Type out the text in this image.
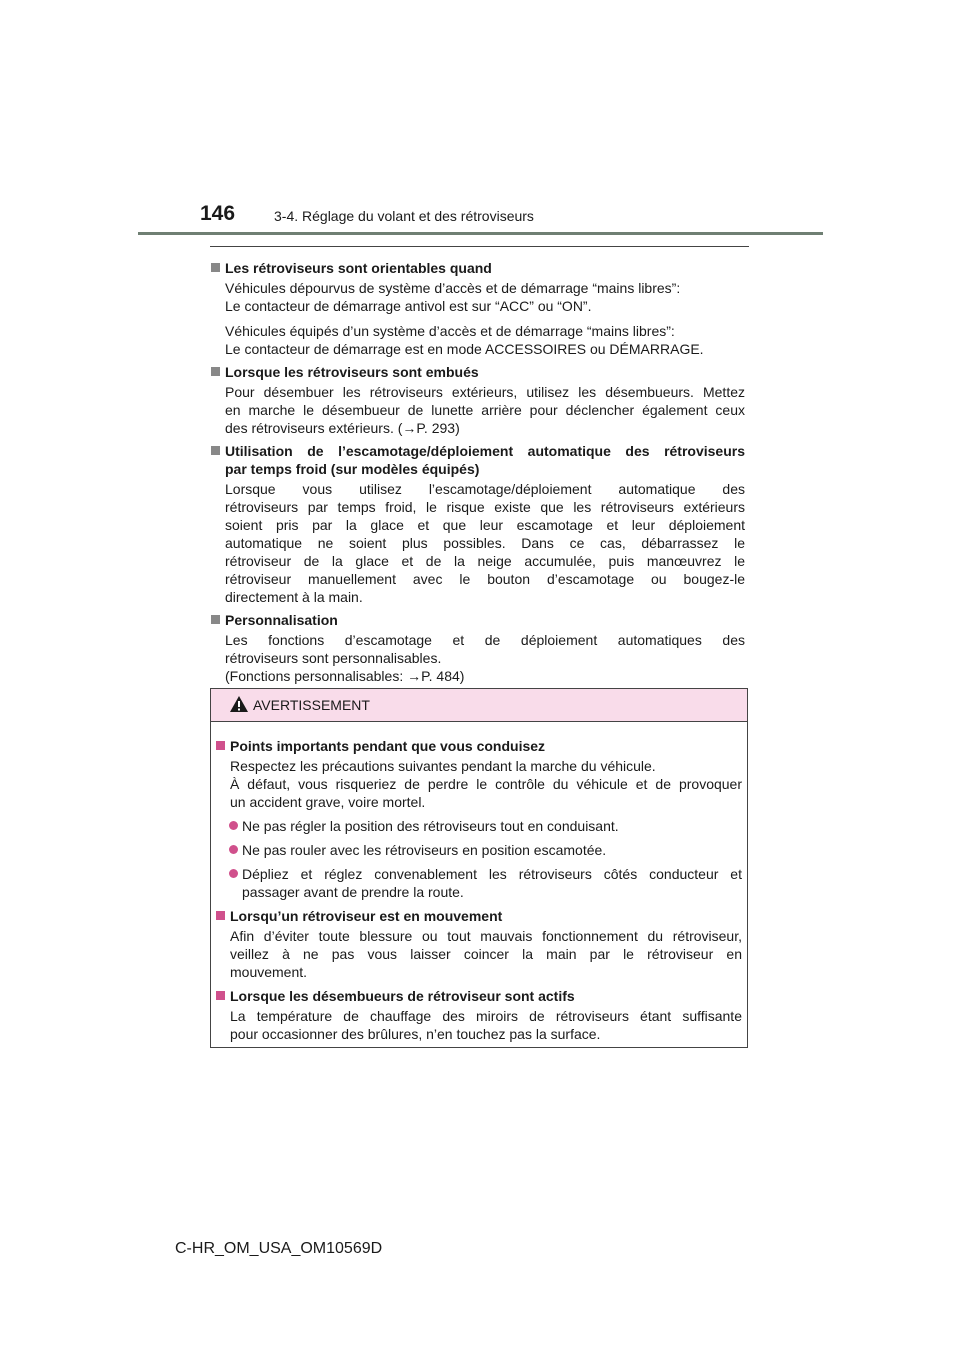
146	3-4. Réglage du volant et des rétroviseurs
Les rétroviseurs sont orientables quand
Véhicules dépourvus de système d’accès et de démarrage “mains libres”:
Le contacteur de démarrage antivol est sur “ACC” ou “ON”.
Véhicules équipés d’un système d’accès et de démarrage “mains libres”:
Le contacteur de démarrage est en mode ACCESSOIRES ou DÉMARRAGE.
Lorsque les rétroviseurs sont embués
Pour désembuer les rétroviseurs extérieurs, utilisez les désembueurs. Mettez
en marche le désembueur de lunette arrière pour déclencher également ceux
des rétroviseurs extérieurs. (→P. 293)
Utilisation de l’escamotage/déploiement automatique des rétroviseurs
par temps froid (sur modèles équipés)
Lorsque vous utilisez l’escamotage/déploiement automatique des
rétroviseurs par temps froid, le risque existe que les rétroviseurs extérieurs
soient pris par la glace et que leur escamotage et leur déploiement
automatique ne soient plus possibles. Dans ce cas, débarrassez le
rétroviseur de la glace et de la neige accumulée, puis manœuvrez le
rétroviseur manuellement avec le bouton d’escamotage ou bougez-le
directement à la main.
Personnalisation
Les fonctions d’escamotage et de déploiement automatiques des
rétroviseurs sont personnalisables.
(Fonctions personnalisables: →P. 484)
AVERTISSEMENT
Points importants pendant que vous conduisez
Respectez les précautions suivantes pendant la marche du véhicule.
À défaut, vous risqueriez de perdre le contrôle du véhicule et de provoquer
un accident grave, voire mortel.
Ne pas régler la position des rétroviseurs tout en conduisant.
Ne pas rouler avec les rétroviseurs en position escamotée.
Dépliez et réglez convenablement les rétroviseurs côtés conducteur et
passager avant de prendre la route.
Lorsqu’un rétroviseur est en mouvement
Afin d’éviter toute blessure ou tout mauvais fonctionnement du rétroviseur,
veillez à ne pas vous laisser coincer la main par le rétroviseur en
mouvement.
Lorsque les désembueurs de rétroviseur sont actifs
La température de chauffage des miroirs de rétroviseurs étant suffisante
pour occasionner des brûlures, n’en touchez pas la surface.
C-HR_OM_USA_OM10569D
